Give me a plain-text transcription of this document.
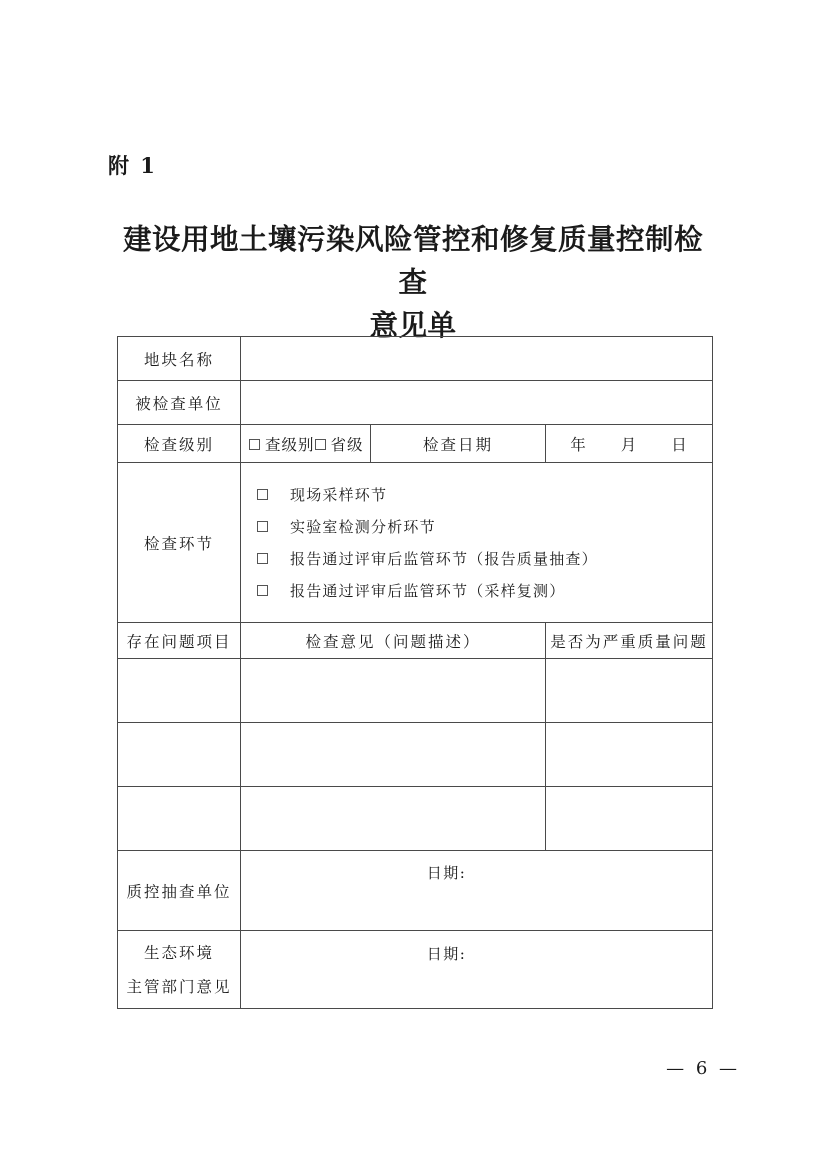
附 1
建设用地土壤污染风险管控和修复质量控制检查
意见单
地块名称			
被检查单位			
检查级别	查级别 省级	检查日期	年 月 日

检查环节	现场采样环节
实验室检测分析环节
报告通过评审后监管环节（报告质量抽查）
报告通过评审后监管环节（采样复测）		

存在问题项目	检查意见（问题描述）		是否为严重质量问题

质控抽查单位	日期:		

生态环境
主管部门意见	日期:		
— 6 —
